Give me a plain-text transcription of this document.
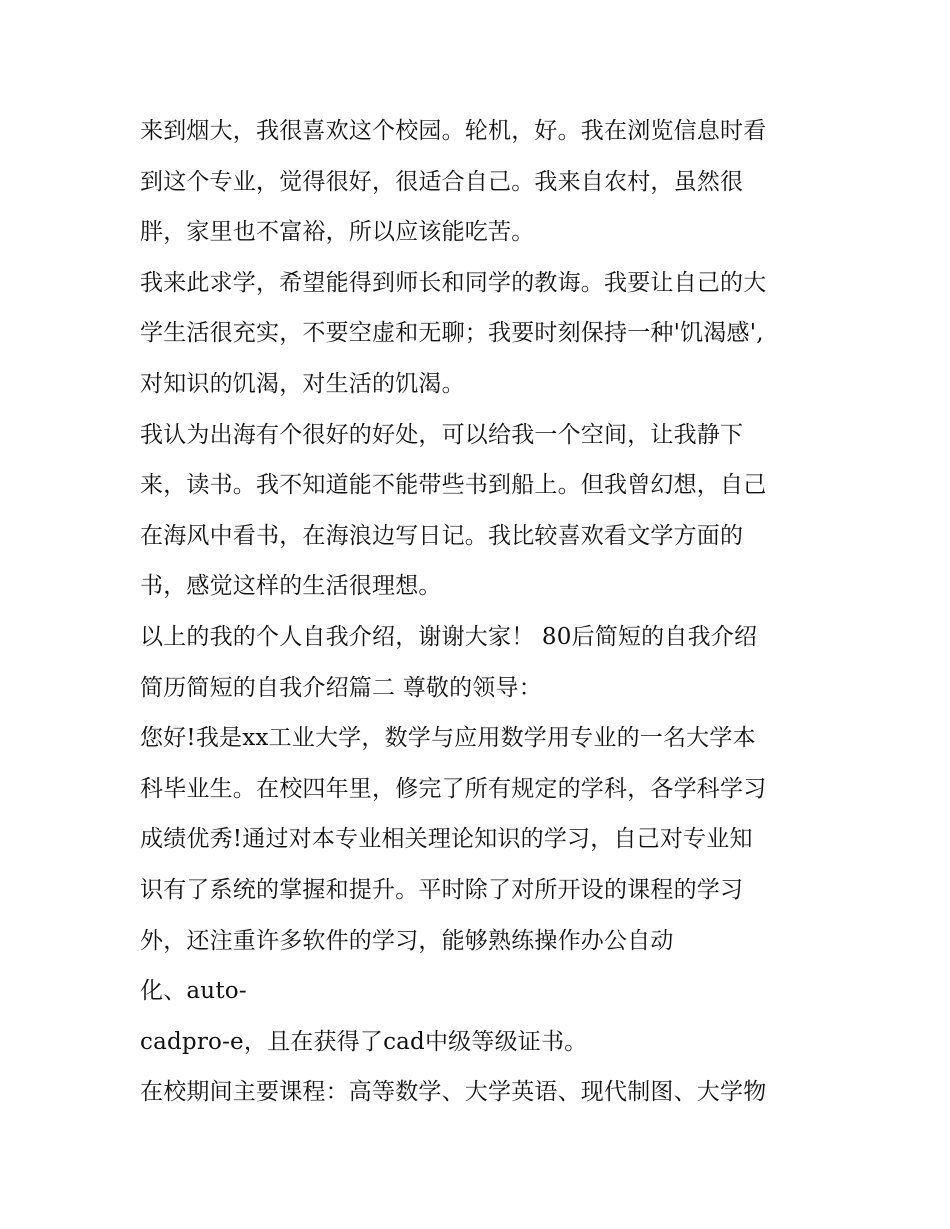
来到烟大，我很喜欢这个校园。轮机，好。我在浏览信息时看
到这个专业，觉得很好，很适合自己。我来自农村，虽然很
胖，家里也不富裕，所以应该能吃苦。
我来此求学，希望能得到师长和同学的教诲。我要让自己的大
学生活很充实，不要空虚和无聊；我要时刻保持一种'饥渴感',
对知识的饥渴，对生活的饥渴。
我认为出海有个很好的好处，可以给我一个空间，让我静下
来，读书。我不知道能不能带些书到船上。但我曾幻想，自己
在海风中看书，在海浪边写日记。我比较喜欢看文学方面的
书，感觉这样的生活很理想。
以上的我的个人自我介绍，谢谢大家！ 80后简短的自我介绍
简历简短的自我介绍篇二 尊敬的领导：
您好!我是xx工业大学，数学与应用数学用专业的一名大学本
科毕业生。在校四年里，修完了所有规定的学科，各学科学习
成绩优秀!通过对本专业相关理论知识的学习，自己对专业知
识有了系统的掌握和提升。平时除了对所开设的课程的学习
外，还注重许多软件的学习，能够熟练操作办公自动
化、auto-
cadpro-e，且在获得了cad中级等级证书。
在校期间主要课程：高等数学、大学英语、现代制图、大学物
